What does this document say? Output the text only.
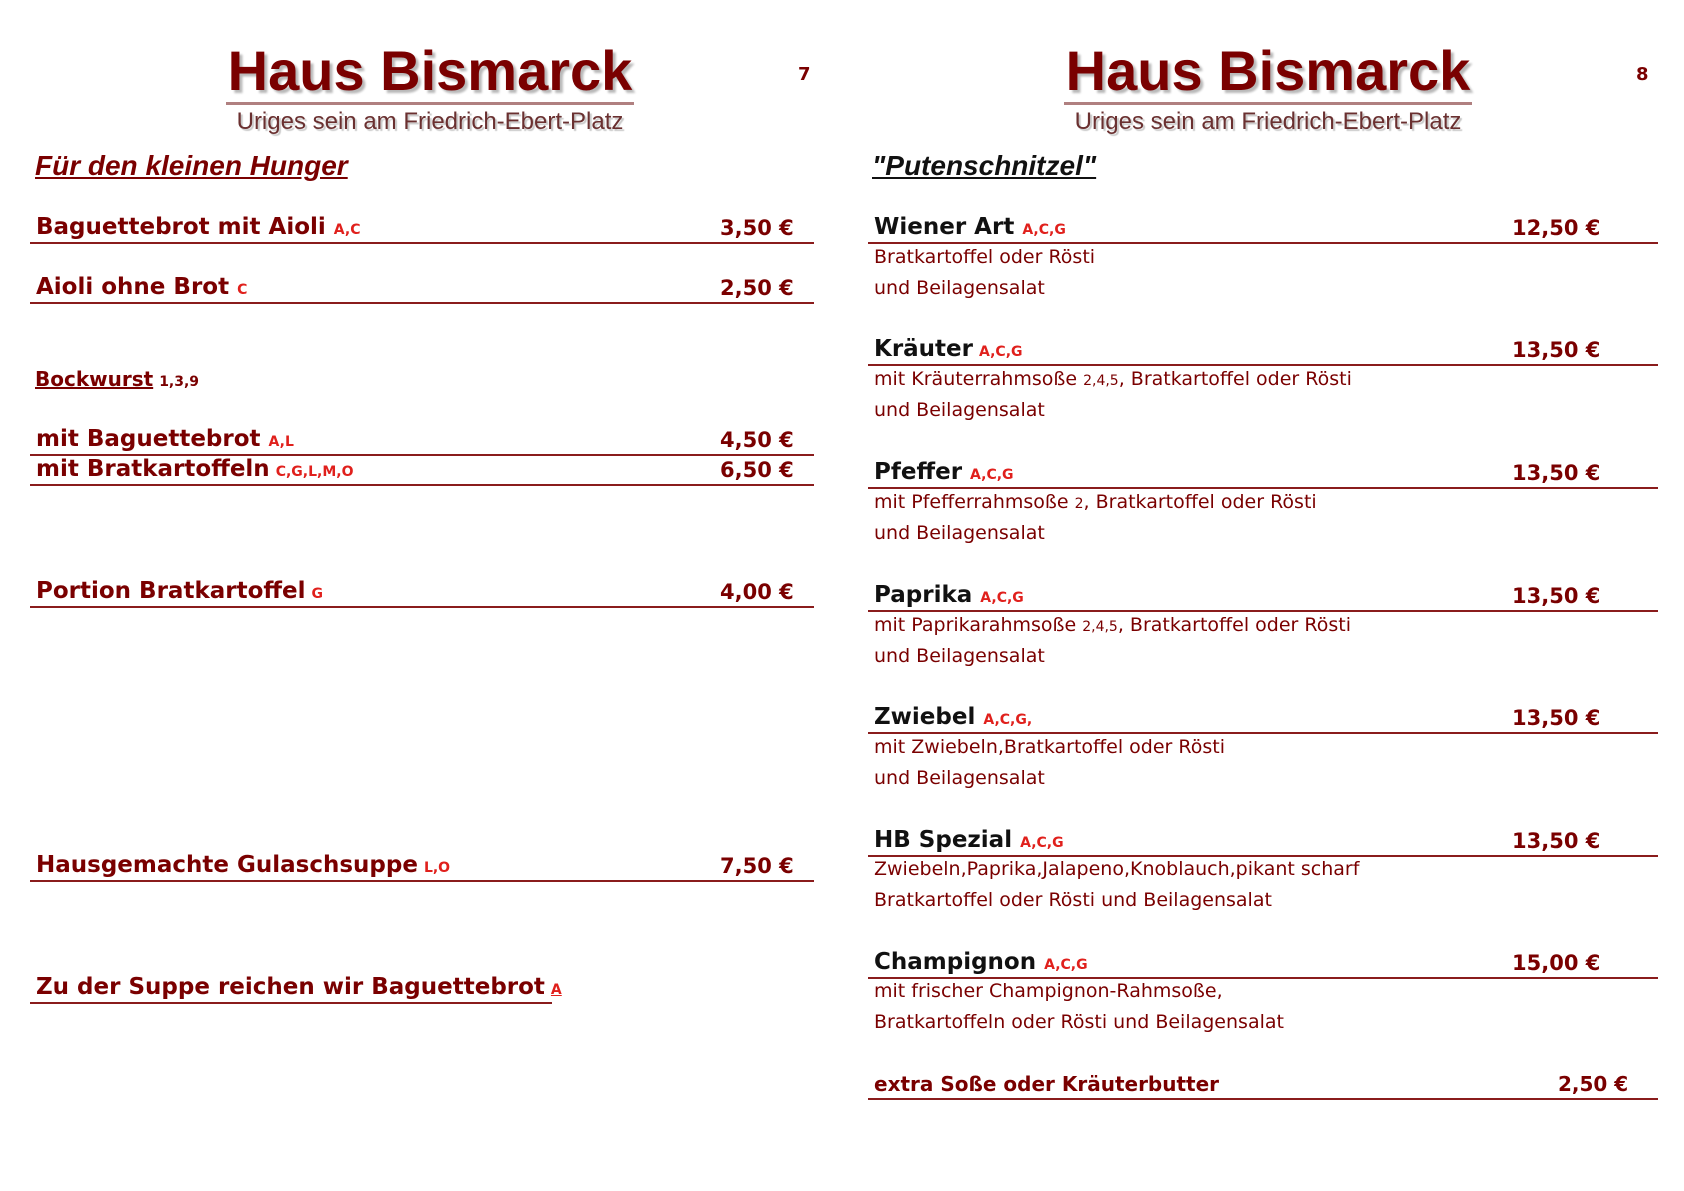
Haus Bismarck
Uriges sein am Friedrich-Ebert-Platz
7
Für den kleinen Hunger
Baguettebrot mit Aioli A,C	3,50 €
Aioli ohne Brot C	2,50 €
Bockwurst 1,3,9
mit Baguettebrot A,L	4,50 €
mit Bratkartoffeln C,G,L,M,O	6,50 €
Portion Bratkartoffel G	4,00 €
Hausgemachte Gulaschsuppe L,O	7,50 €
Zu der Suppe reichen wir Baguettebrot A
Haus Bismarck
Uriges sein am Friedrich-Ebert-Platz
8
"Putenschnitzel"
Wiener Art A,C,G	12,50 €
Bratkartoffel oder Rösti
und Beilagensalat
Kräuter A,C,G	13,50 €
mit Kräuterrahmsoße 2,4,5, Bratkartoffel oder Rösti
und Beilagensalat
Pfeffer A,C,G	13,50 €
mit Pfefferrahmsoße 2, Bratkartoffel oder Rösti
und Beilagensalat
Paprika A,C,G	13,50 €
mit Paprikarahmsoße 2,4,5, Bratkartoffel oder Rösti
und Beilagensalat
Zwiebel A,C,G,	13,50 €
mit Zwiebeln,Bratkartoffel oder Rösti
und Beilagensalat
HB Spezial A,C,G	13,50 €
Zwiebeln,Paprika,Jalapeno,Knoblauch,pikant scharf
Bratkartoffel oder Rösti und Beilagensalat
Champignon A,C,G	15,00 €
mit frischer Champignon-Rahmsoße,
Bratkartoffeln oder Rösti und Beilagensalat
extra Soße oder Kräuterbutter	2,50 €
